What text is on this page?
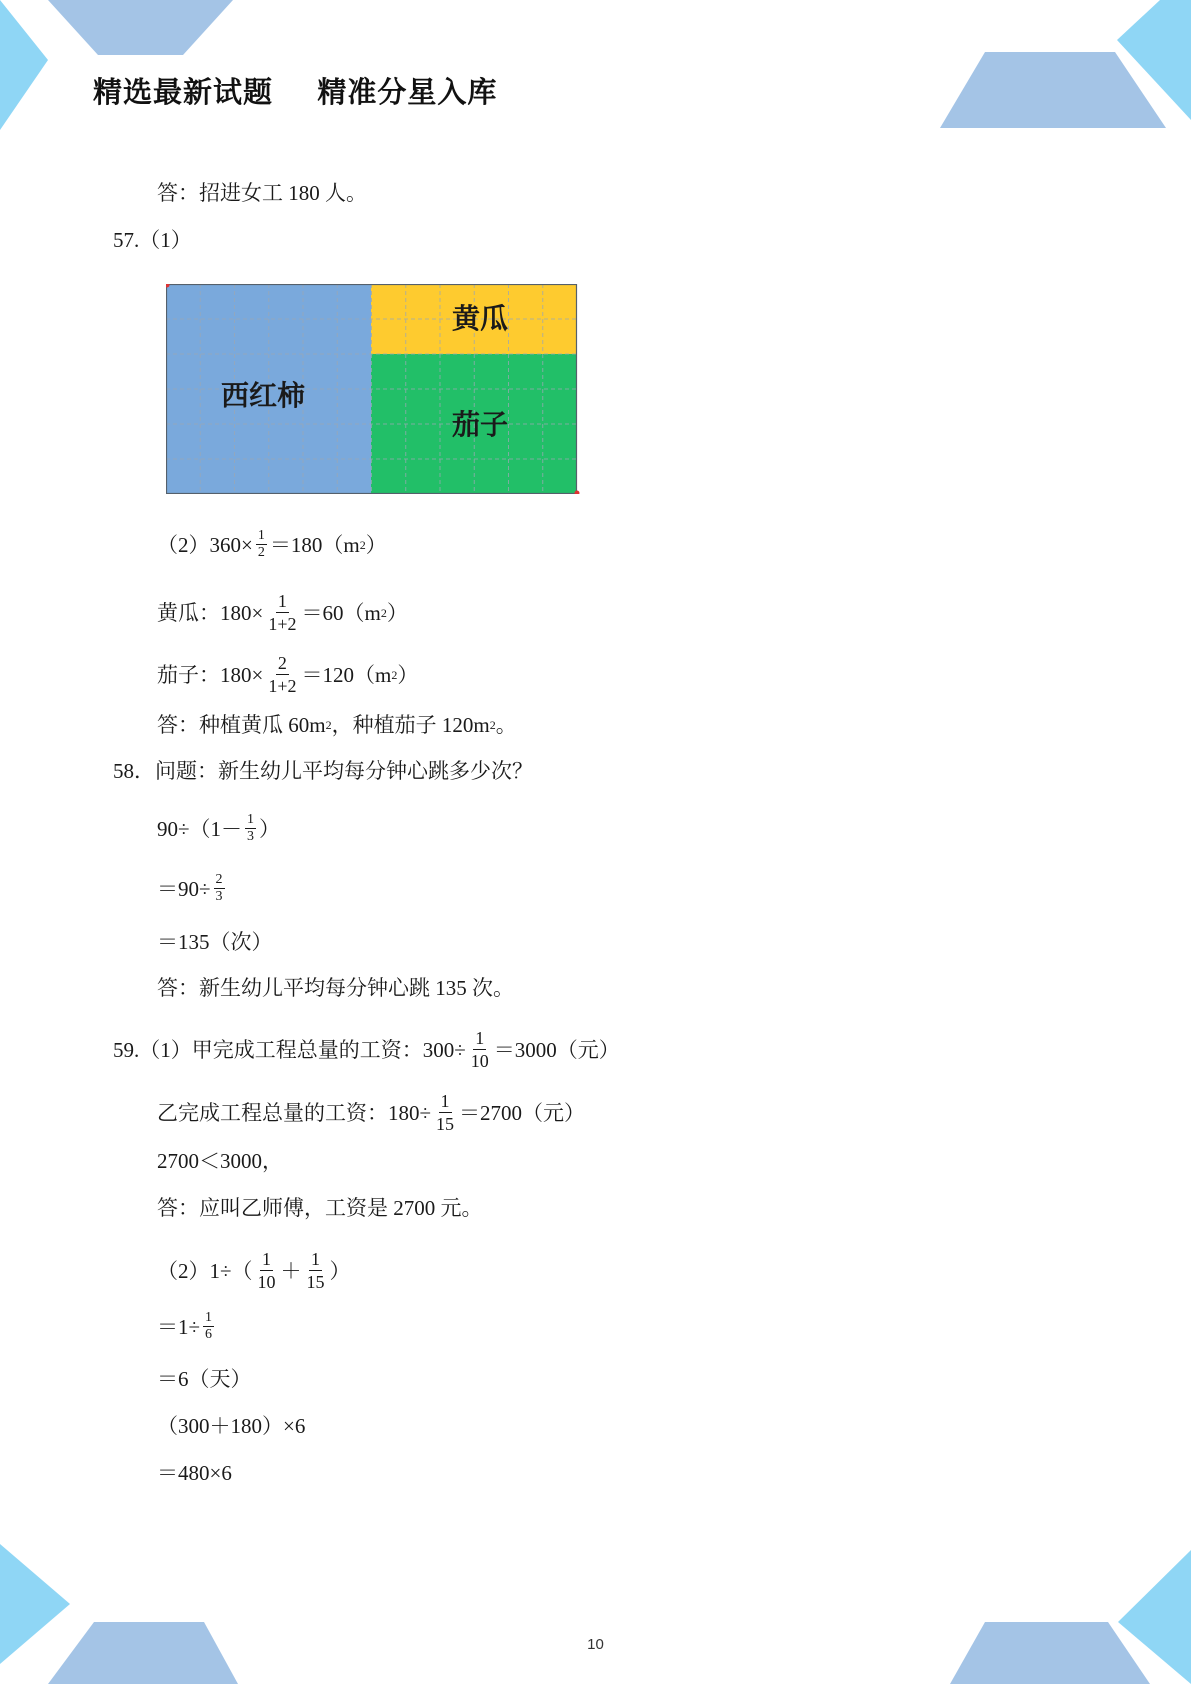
精选最新试题    精准分星入库
答：招进女工 180 人。
57.（1）
西红柿
黄瓜
茄子
$(2)360\times \frac{1}{2} =180(m$ 2 ）
黄瓜：$180\times \frac{1}{1+2} =60(m$ 2 ）
茄子：$180\times \frac{2}{1+2} =120(m$ 2 ）
答：种植黄瓜 60m 2 ，种植茄子 120m 2 。
58．问题：新生幼儿平均每分钟心跳多少次？
$90\div(1- \frac{1}{3}$ ）
$=90\div \frac{2}{3}$
＝135（次）
答：新生幼儿平均每分钟心跳 135 次。
59.（1）甲完成工程总量的工资：$300\div \frac{1}{10} =3000$（元）
乙完成工程总量的工资：$180\div \frac{1}{15} =2700$（元）
2700＜3000，
答：应叫乙师傅，工资是 2700 元。
$(2)1\div( \frac{1}{10} + \frac{1}{15}$ ）
$=1\div \frac{1}{6}$
＝6（天）
（300＋180）×6
＝480×6
10
